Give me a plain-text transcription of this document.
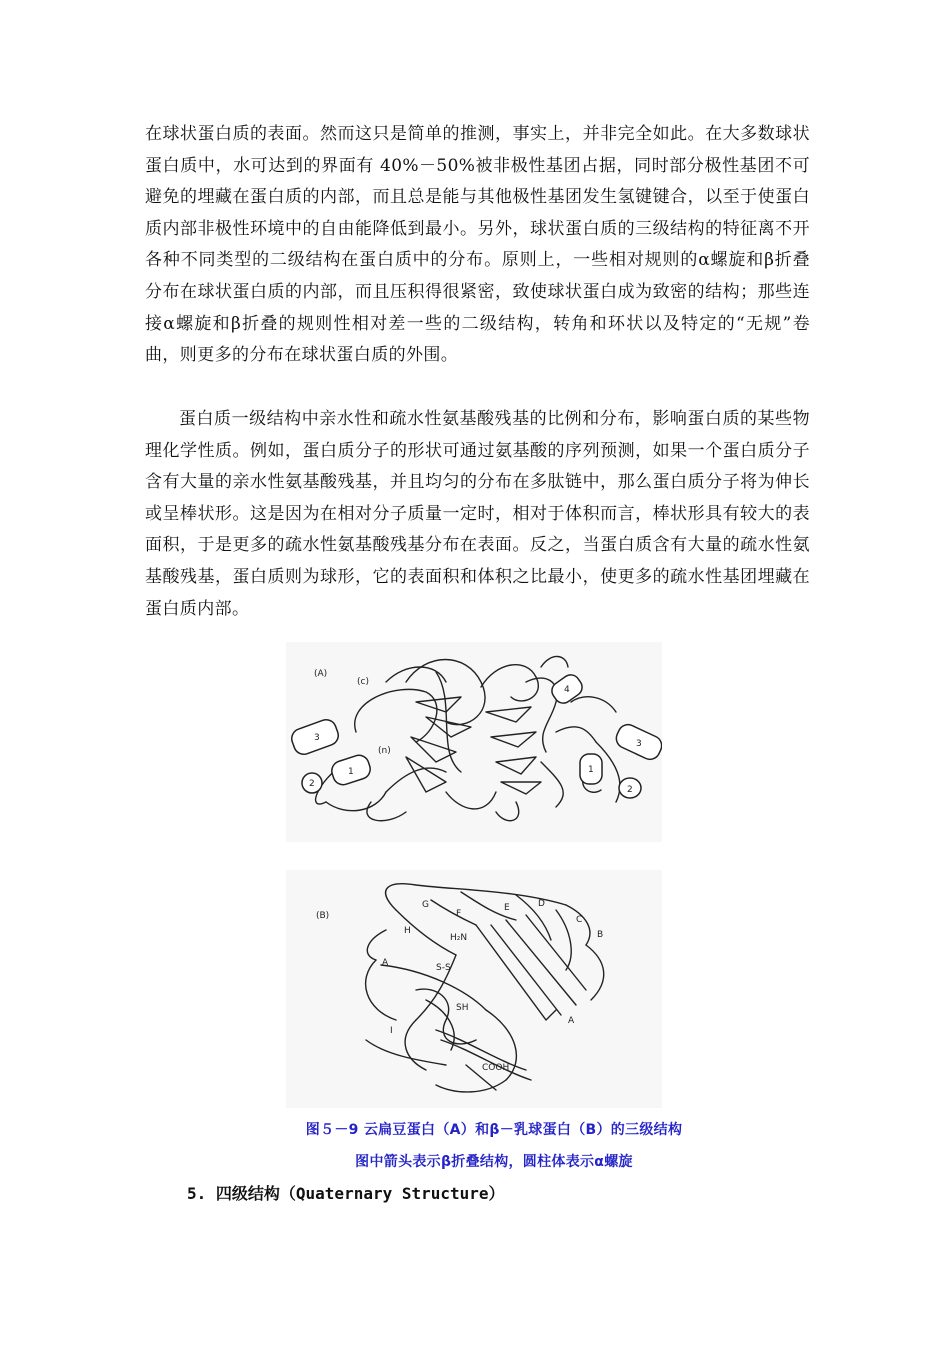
在球状蛋白质的表面。然而这只是简单的推测，事实上，并非完全如此。在大多数球状蛋白质中，水可达到的界面有 40%－50%被非极性基团占据，同时部分极性基团不可避免的埋藏在蛋白质的内部，而且总是能与其他极性基团发生氢键键合，以至于使蛋白质内部非极性环境中的自由能降低到最小。另外，球状蛋白质的三级结构的特征离不开各种不同类型的二级结构在蛋白质中的分布。原则上，一些相对规则的α螺旋和β折叠分布在球状蛋白质的内部，而且压积得很紧密，致使球状蛋白成为致密的结构；那些连接α螺旋和β折叠的规则性相对差一些的二级结构，转角和环状以及特定的“无规”卷曲，则更多的分布在球状蛋白质的外围。

蛋白质一级结构中亲水性和疏水性氨基酸残基的比例和分布，影响蛋白质的某些物理化学性质。例如，蛋白质分子的形状可通过氨基酸的序列预测，如果一个蛋白质分子含有大量的亲水性氨基酸残基，并且均匀的分布在多肽链中，那么蛋白质分子将为伸长或呈棒状形。这是因为在相对分子质量一定时，相对于体积而言，棒状形具有较大的表面积，于是更多的疏水性氨基酸残基分布在表面。反之，当蛋白质含有大量的疏水性氨基酸残基，蛋白质则为球形，它的表面积和体积之比最小，使更多的疏水性基团埋藏在蛋白质内部。

(A)
(c)
(n)
3
2
1
4
3
1
2
(B)
G
F
E	D
C
B
H
H₂N
A	S-S
SH
I
A
COOH
图５－9 云扁豆蛋白（A）和β－乳球蛋白（B）的三级结构
图中箭头表示β折叠结构，圆柱体表示α螺旋
5. 四级结构（Quaternary Structure）
